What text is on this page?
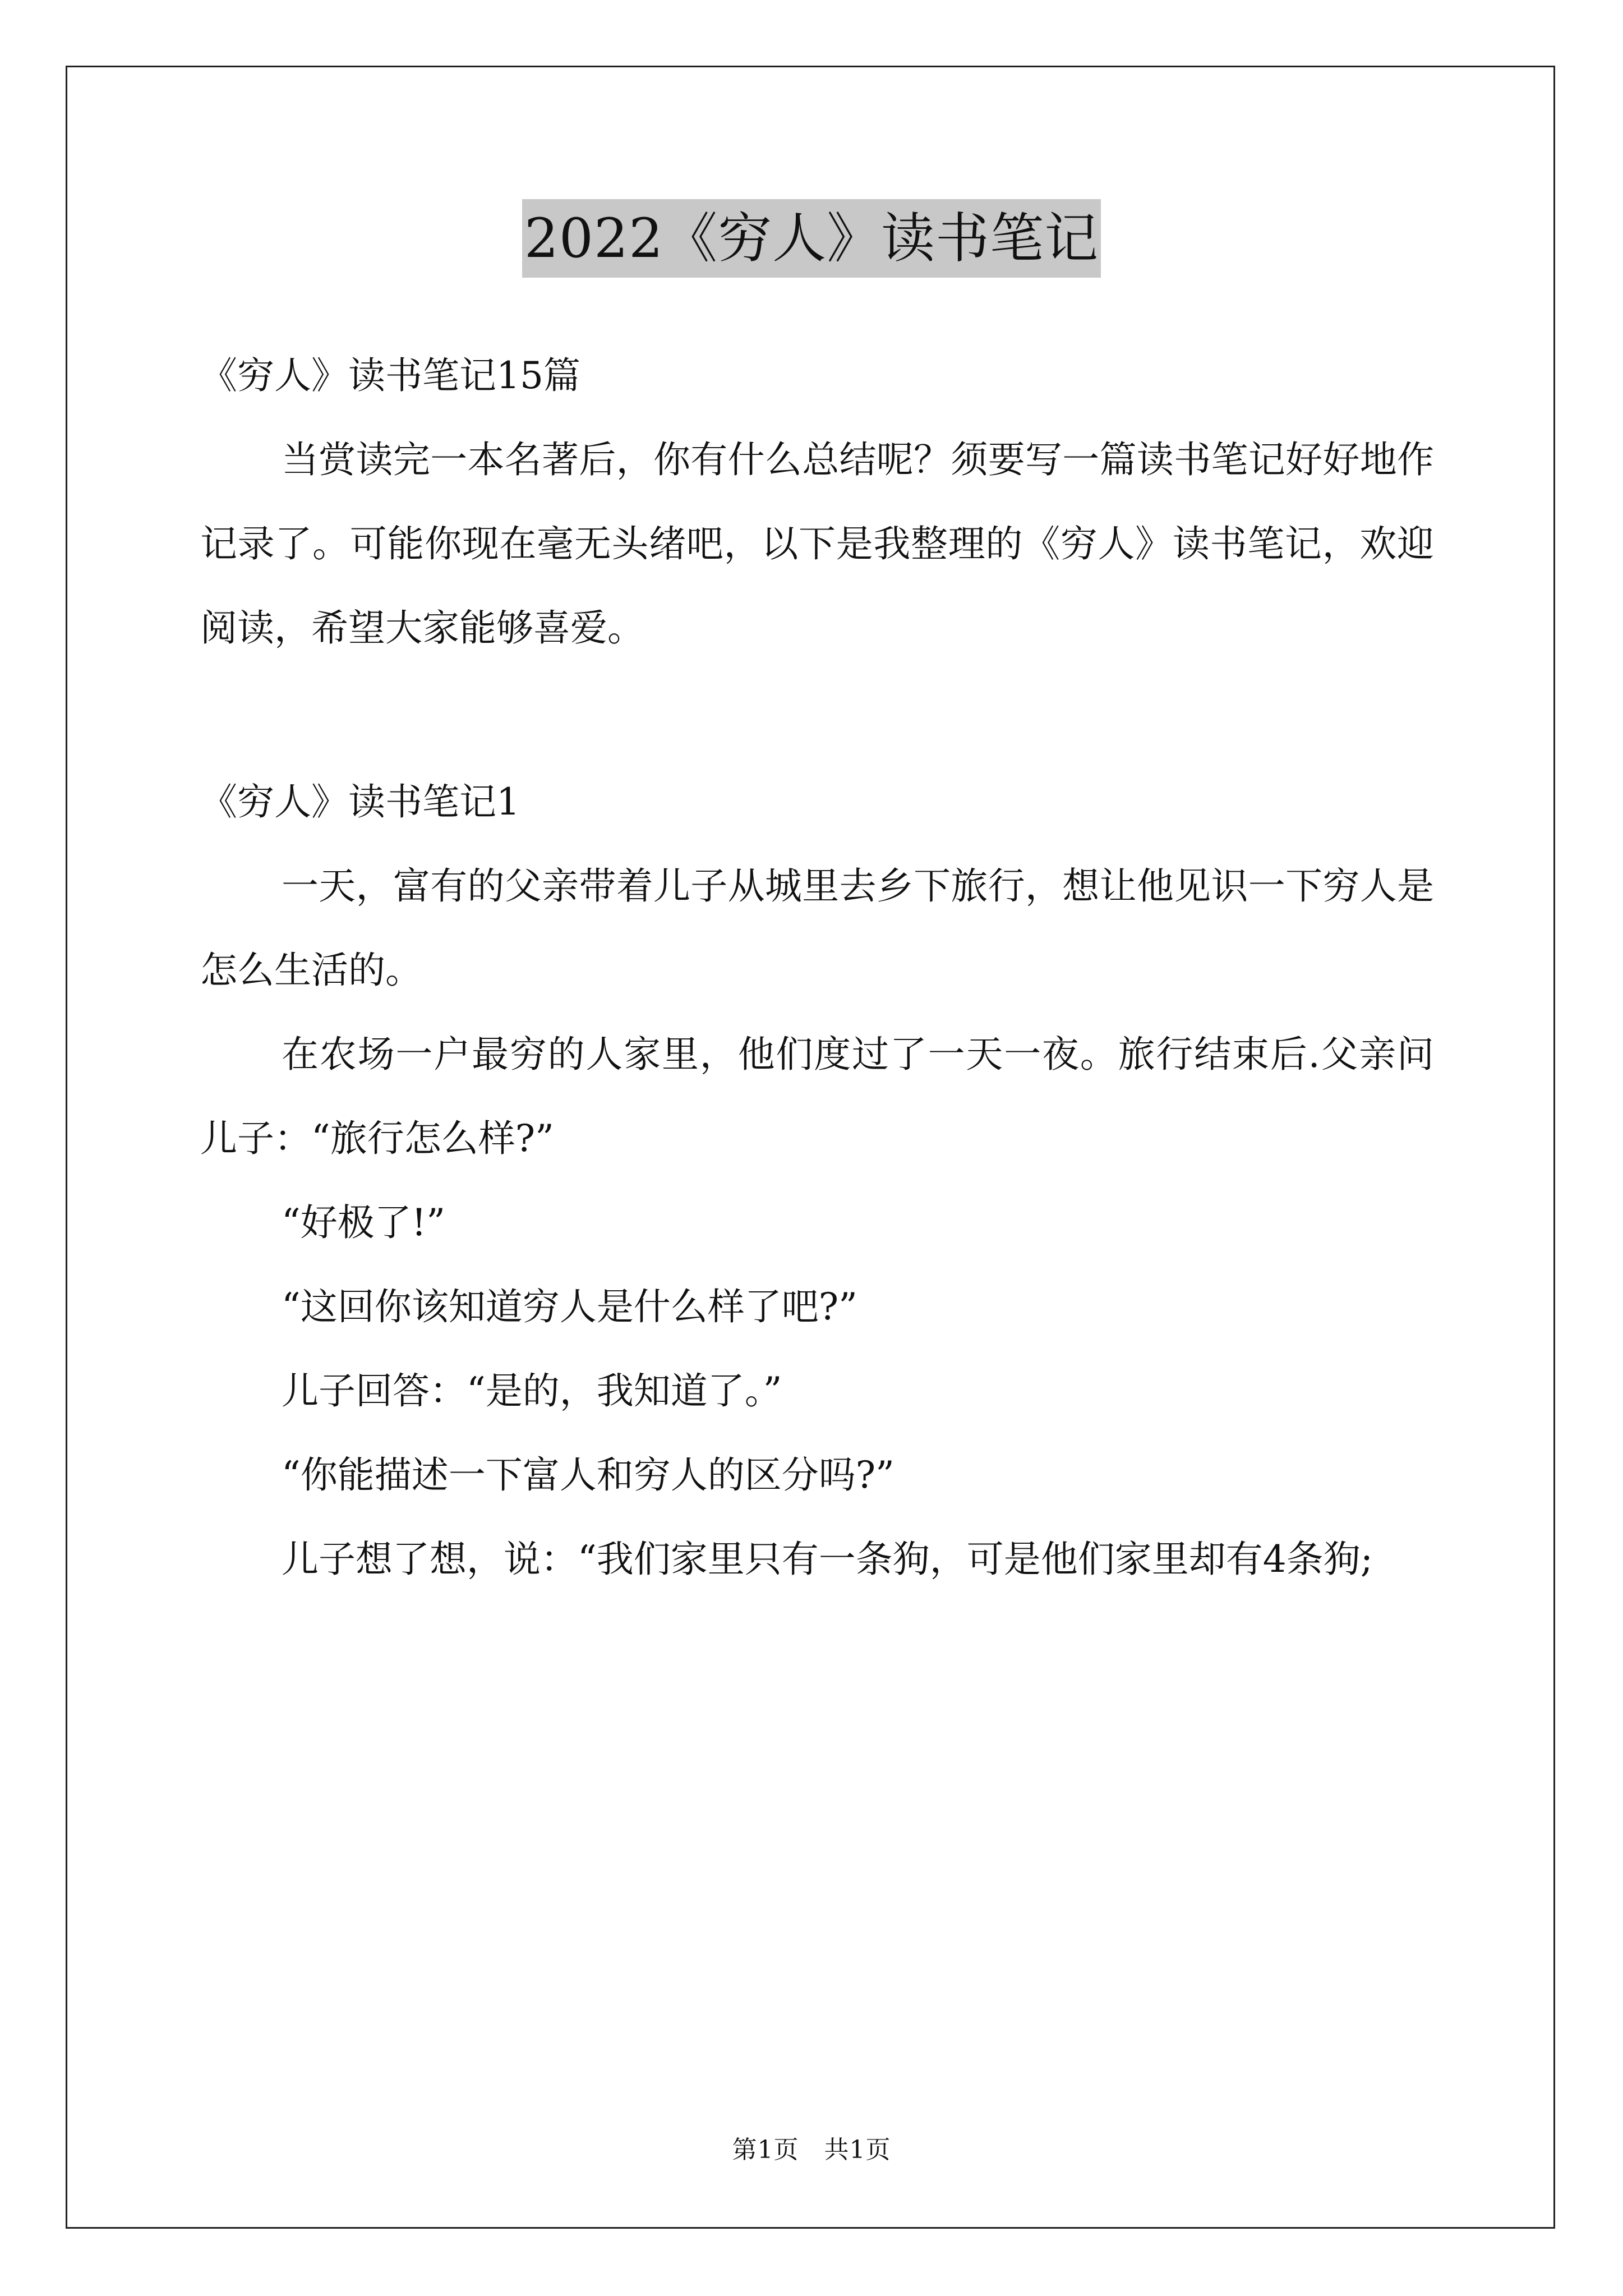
2022《穷人》读书笔记
《穷人》读书笔记15篇

当赏读完一本名著后，你有什么总结呢？须要写一篇读书笔记好好地作记录了。可能你现在毫无头绪吧，以下是我整理的《穷人》读书笔记，欢迎阅读，希望大家能够喜爱。

《穷人》读书笔记1

一天，富有的父亲带着儿子从城里去乡下旅行，想让他见识一下穷人是怎么生活的。

在农场一户最穷的人家里，他们度过了一天一夜。旅行结束后.父亲问儿子：“旅行怎么样?”

“好极了!”

“这回你该知道穷人是什么样了吧?”

儿子回答：“是的，我知道了。”

“你能描述一下富人和穷人的区分吗?”

儿子想了想，说：“我们家里只有一条狗，可是他们家里却有4条狗;

第1页　共1页
